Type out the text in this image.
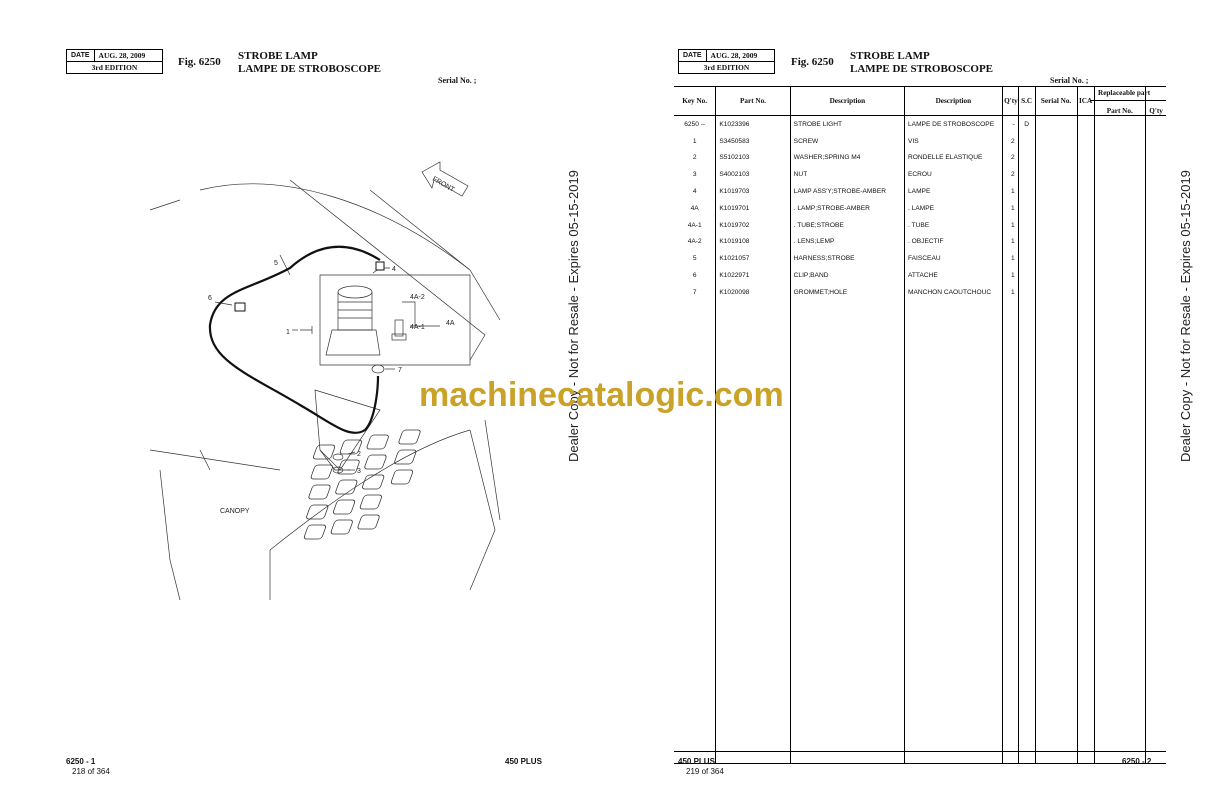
DATE	AUG. 28, 2009
3rd EDITION	Fig. 6250 STROBE LAMP
LAMPE DE STROBOSCOPE
Serial No. ;
5
4
6
1
4A-2
4A-1
4A
7
2
3
FRONT
CANOPY
6250 - 1
218 of 364
450 PLUS
DATE	AUG. 28, 2009
3rd EDITION	Fig. 6250 STROBE LAMP
LAMPE DE STROBOSCOPE
Serial No. ;
Key No.	Part No.	Description	Description	Q'ty	S.C	Serial No.	ICA	Part No.	Q'ty
6250 --	K1023396	STROBE LIGHT	LAMPE DE STROBOSCOPE	-	D				
1	S3450583	SCREW	VIS	2					
2	S5102103	WASHER;SPRING M4	RONDELLE ELASTIQUE	2					
3	S4002103	NUT	ECROU	2					
4	K1019703	LAMP ASS'Y;STROBE-AMBER	LAMPE	1					
4A	K1019701	. LAMP;STROBE-AMBER	. LAMPE	1					
4A-1	K1019702	. TUBE;STROBE	. TUBE	1					
4A-2	K1019108	. LENS;LEMP	. OBJECTIF	1					
5	K1021057	HARNESS;STROBE	FAISCEAU	1					
6	K1022971	CLIP;BAND	ATTACHE	1					
7	K1020098	GROMMET;HOLE	MANCHON CAOUTCHOUC	1					

Replaceable part
450 PLUS
219 of 364
6250 - 2
Dealer Copy - Not for Resale - Expires 05-15-2019	Dealer Copy - Not for Resale - Expires 05-15-2019
machinecatalogic.com
